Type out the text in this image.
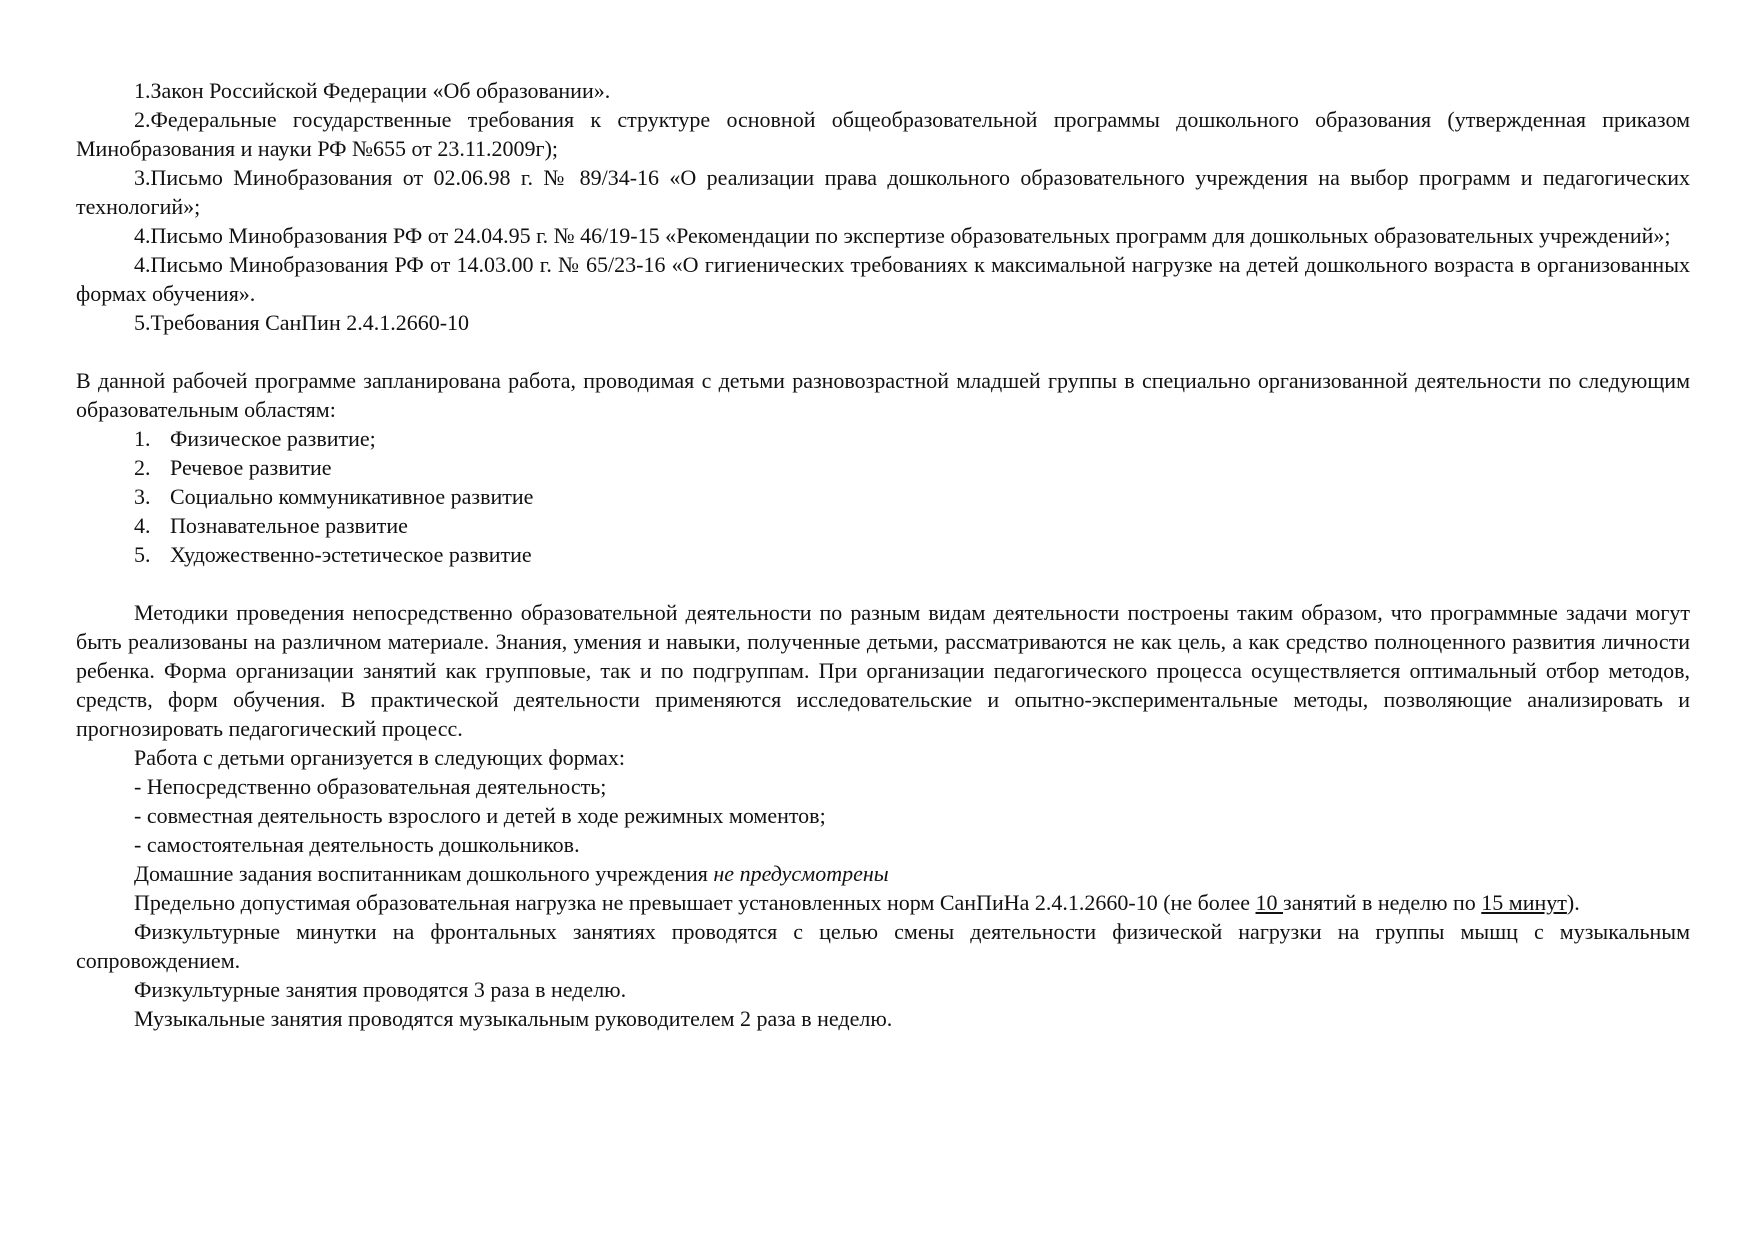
1.Закон Российской Федерации «Об образовании».

2.Федеральные государственные требования к структуре основной общеобразовательной программы дошкольного образования (утвержденная приказом Минобразования и науки РФ №655 от 23.11.2009г);

3.Письмо Минобразования от 02.06.98 г. № 89/34-16 «О реализации права дошкольного образовательного учреждения на выбор программ и педагогических технологий»;

4.Письмо Минобразования РФ от 24.04.95 г. № 46/19-15 «Рекомендации по экспертизе образовательных программ для дошкольных образовательных учреждений»;

4.Письмо Минобразования РФ от 14.03.00 г. № 65/23-16 «О гигиенических требованиях к максимальной нагрузке на детей дошкольного возраста в организованных формах обучения».

5.Требования СанПин 2.4.1.2660-10

В данной рабочей программе запланирована работа, проводимая с детьми разновозрастной младшей группы в специально организованной деятельности по следующим образовательным областям:

1. Физическое развитие;
2. Речевое развитие
3. Социально коммуникативное развитие
4. Познавательное развитие
5. Художественно-эстетическое развитие

Методики проведения непосредственно образовательной деятельности по разным видам деятельности построены таким образом, что программные задачи могут быть реализованы на различном материале. Знания, умения и навыки, полученные детьми, рассматриваются не как цель, а как средство полноценного развития личности ребенка. Форма организации занятий как групповые, так и по подгруппам. При организации педагогического процесса осуществляется оптимальный отбор методов, средств, форм обучения. В практической деятельности применяются исследовательские и опытно-экспериментальные методы, позволяющие анализировать и прогнозировать педагогический процесс.

Работа с детьми организуется в следующих формах:

- Непосредственно образовательная деятельность;

- совместная деятельность взрослого и детей в ходе режимных моментов;

- самостоятельная деятельность дошкольников.

Домашние задания воспитанникам дошкольного учреждения не предусмотрены

Предельно допустимая образовательная нагрузка не превышает установленных норм СанПиНа 2.4.1.2660-10 (не более 10 занятий в неделю по 15 минут).

Физкультурные минутки на фронтальных занятиях проводятся с целью смены деятельности физической нагрузки на группы мышц с музыкальным сопровождением.

Физкультурные занятия проводятся 3 раза в неделю.

Музыкальные занятия проводятся музыкальным руководителем 2 раза в неделю.
